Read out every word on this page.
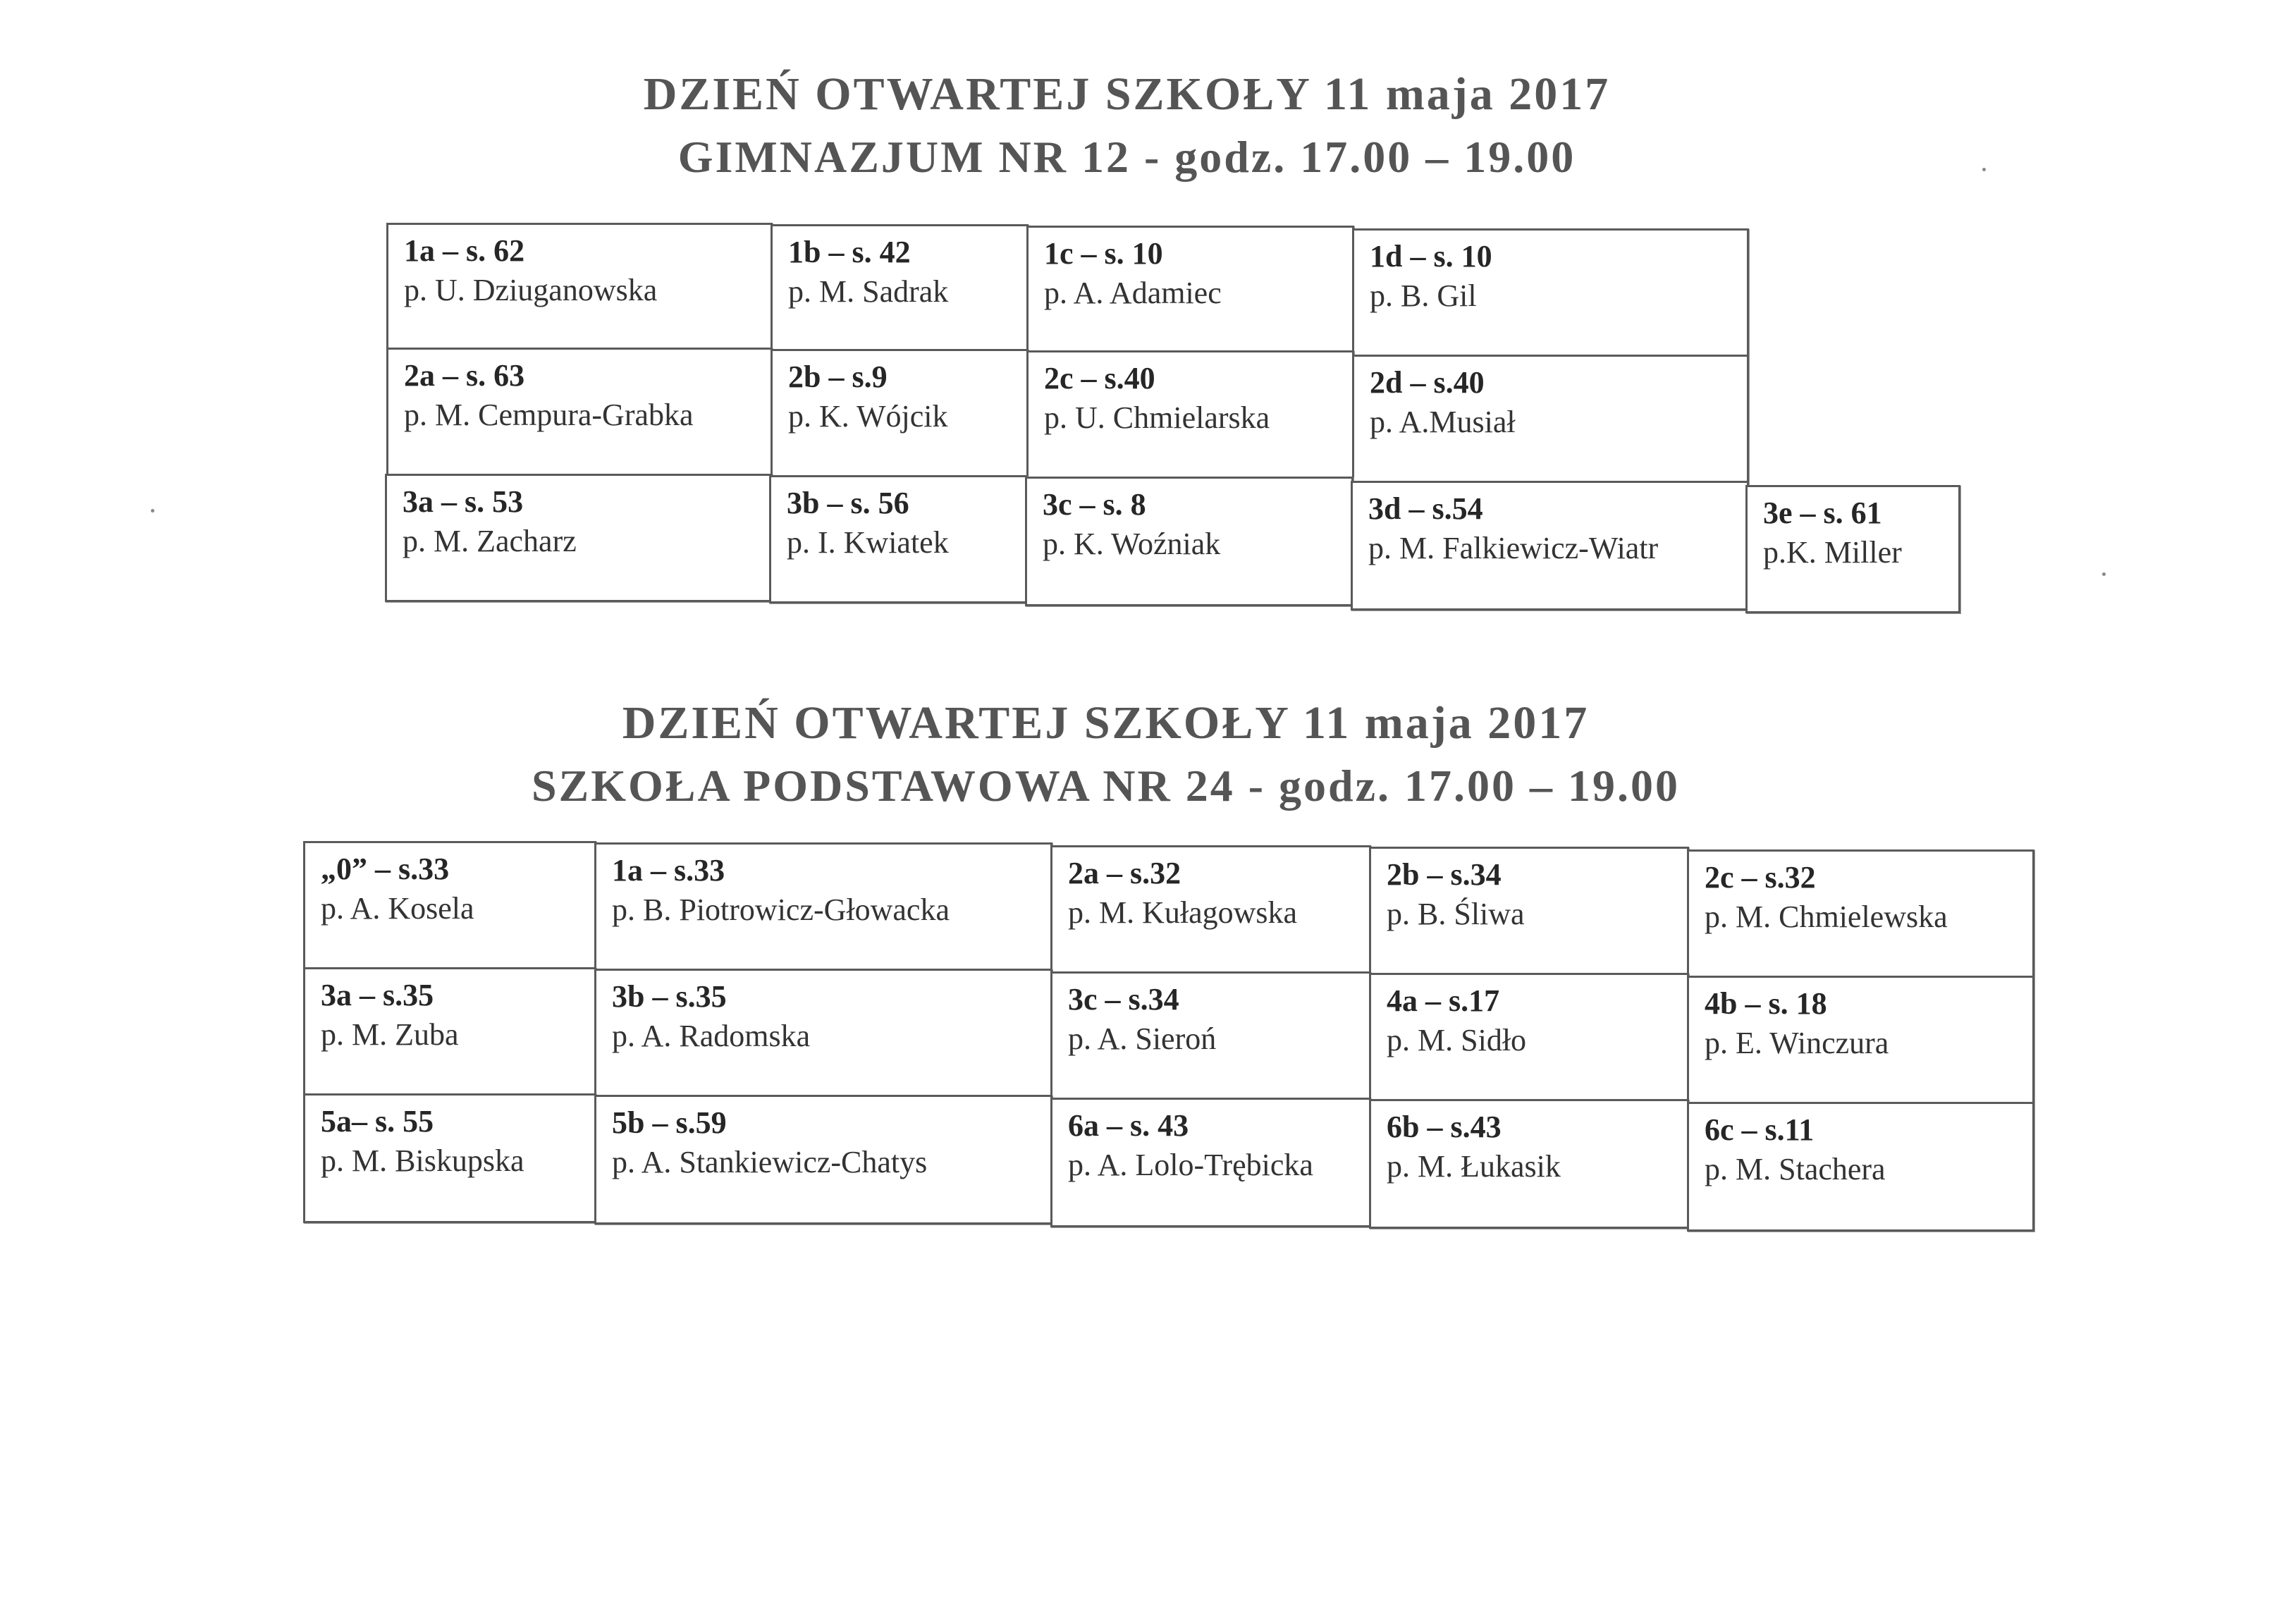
DZIEŃ OTWARTEJ SZKOŁY 11 maja 2017
GIMNAZJUM NR 12 - godz. 17.00 – 19.00
1a – s. 62
p. U. Dziuganowska
1b – s. 42
p. M. Sadrak
1c – s. 10
p. A. Adamiec
1d – s. 10
p. B. Gil
2a – s. 63
p. M. Cempura-Grabka
2b – s.9
p. K. Wójcik
2c – s.40
p. U. Chmielarska
2d – s.40
p. A.Musiał
3a – s. 53
p. M. Zacharz
3b – s. 56
p. I. Kwiatek
3c – s. 8
p. K. Woźniak
3d – s.54
p. M. Falkiewicz-Wiatr
3e – s. 61
p.K. Miller
DZIEŃ OTWARTEJ SZKOŁY 11 maja 2017
SZKOŁA PODSTAWOWA NR 24 - godz. 17.00 – 19.00
„0” – s.33
p. A. Kosela
1a – s.33
p. B. Piotrowicz-Głowacka
2a – s.32
p. M. Kułagowska
2b – s.34
p. B. Śliwa
2c – s.32
p. M. Chmielewska
3a – s.35
p. M. Zuba
3b – s.35
p. A. Radomska
3c – s.34
p. A. Sieroń
4a – s.17
p. M. Sidło
4b – s. 18
p. E. Winczura
5a– s. 55
p. M. Biskupska
5b – s.59
p. A. Stankiewicz-Chatys
6a – s. 43
p. A. Lolo-Trębicka
6b – s.43
p. M. Łukasik
6c – s.11
p. M. Stachera
